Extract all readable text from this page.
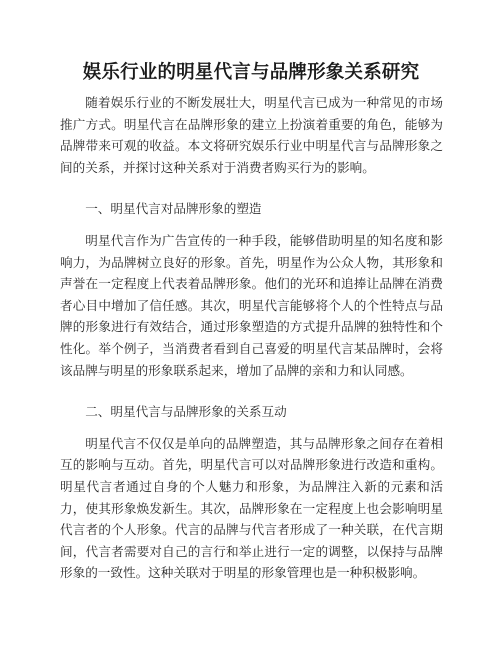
娱乐行业的明星代言与品牌形象关系研究

随着娱乐行业的不断发展壮大，明星代言已成为一种常见的市场推广方式。明星代言在品牌形象的建立上扮演着重要的角色，能够为品牌带来可观的收益。本文将研究娱乐行业中明星代言与品牌形象之间的关系，并探讨这种关系对于消费者购买行为的影响。

一、明星代言对品牌形象的塑造

明星代言作为广告宣传的一种手段，能够借助明星的知名度和影响力，为品牌树立良好的形象。首先，明星作为公众人物，其形象和声誉在一定程度上代表着品牌形象。他们的光环和追捧让品牌在消费者心目中增加了信任感。其次，明星代言能够将个人的个性特点与品牌的形象进行有效结合，通过形象塑造的方式提升品牌的独特性和个性化。举个例子，当消费者看到自己喜爱的明星代言某品牌时，会将该品牌与明星的形象联系起来，增加了品牌的亲和力和认同感。

二、明星代言与品牌形象的关系互动

明星代言不仅仅是单向的品牌塑造，其与品牌形象之间存在着相互的影响与互动。首先，明星代言可以对品牌形象进行改造和重构。明星代言者通过自身的个人魅力和形象，为品牌注入新的元素和活力，使其形象焕发新生。其次，品牌形象在一定程度上也会影响明星代言者的个人形象。代言的品牌与代言者形成了一种关联，在代言期间，代言者需要对自己的言行和举止进行一定的调整，以保持与品牌形象的一致性。这种关联对于明星的形象管理也是一种积极影响。
